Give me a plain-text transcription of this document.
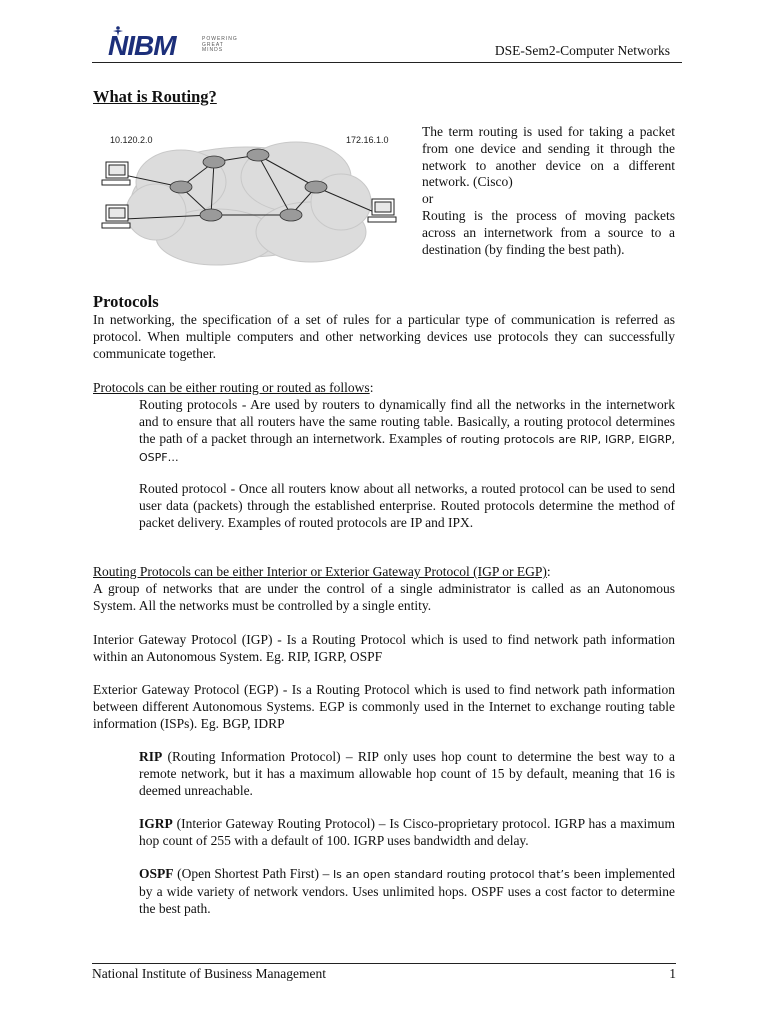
NIBM	POWERING
GREAT
MINDS	DSE-Sem2-Computer Networks
What is Routing?
10.120.2.0	172.16.1.0

The term routing is used for taking a packet from one device and sending it through the network to another device on a different network. (Cisco)

or

Routing is the process of moving packets across an internetwork from a source to a destination (by finding the best path).

Protocols

In networking, the specification of a set of rules for a particular type of communication is referred as protocol. When multiple computers and other networking devices use protocols they can successfully communicate together.

Protocols can be either routing or routed as follows:

Routing protocols - Are used by routers to dynamically find all the networks in the internetwork and to ensure that all routers have the same routing table. Basically, a routing protocol determines the path of a packet through an internetwork. Examples of routing protocols are RIP, IGRP, EIGRP, OSPF…

Routed protocol - Once all routers know about all networks, a routed protocol can be used to send user data (packets) through the established enterprise. Routed protocols determine the method of packet delivery. Examples of routed protocols are IP and IPX.

Routing Protocols can be either Interior or Exterior Gateway Protocol (IGP or EGP):

A group of networks that are under the control of a single administrator is called as an Autonomous System. All the networks must be controlled by a single entity.

Interior Gateway Protocol (IGP) - Is a Routing Protocol which is used to find network path information within an Autonomous System. Eg. RIP, IGRP, OSPF

Exterior Gateway Protocol (EGP) - Is a Routing Protocol which is used to find network path information between different Autonomous Systems. EGP is commonly used in the Internet to exchange routing table information (ISPs). Eg. BGP, IDRP

RIP (Routing Information Protocol) – RIP only uses hop count to determine the best way to a remote network, but it has a maximum allowable hop count of 15 by default, meaning that 16 is deemed unreachable.

IGRP (Interior Gateway Routing Protocol) – Is Cisco-proprietary protocol. IGRP has a maximum hop count of 255 with a default of 100. IGRP uses bandwidth and delay.

OSPF (Open Shortest Path First) – Is an open standard routing protocol that’s been implemented by a wide variety of network vendors. Uses unlimited hops. OSPF uses a cost factor to determine the best path.

National Institute of Business Management	1
